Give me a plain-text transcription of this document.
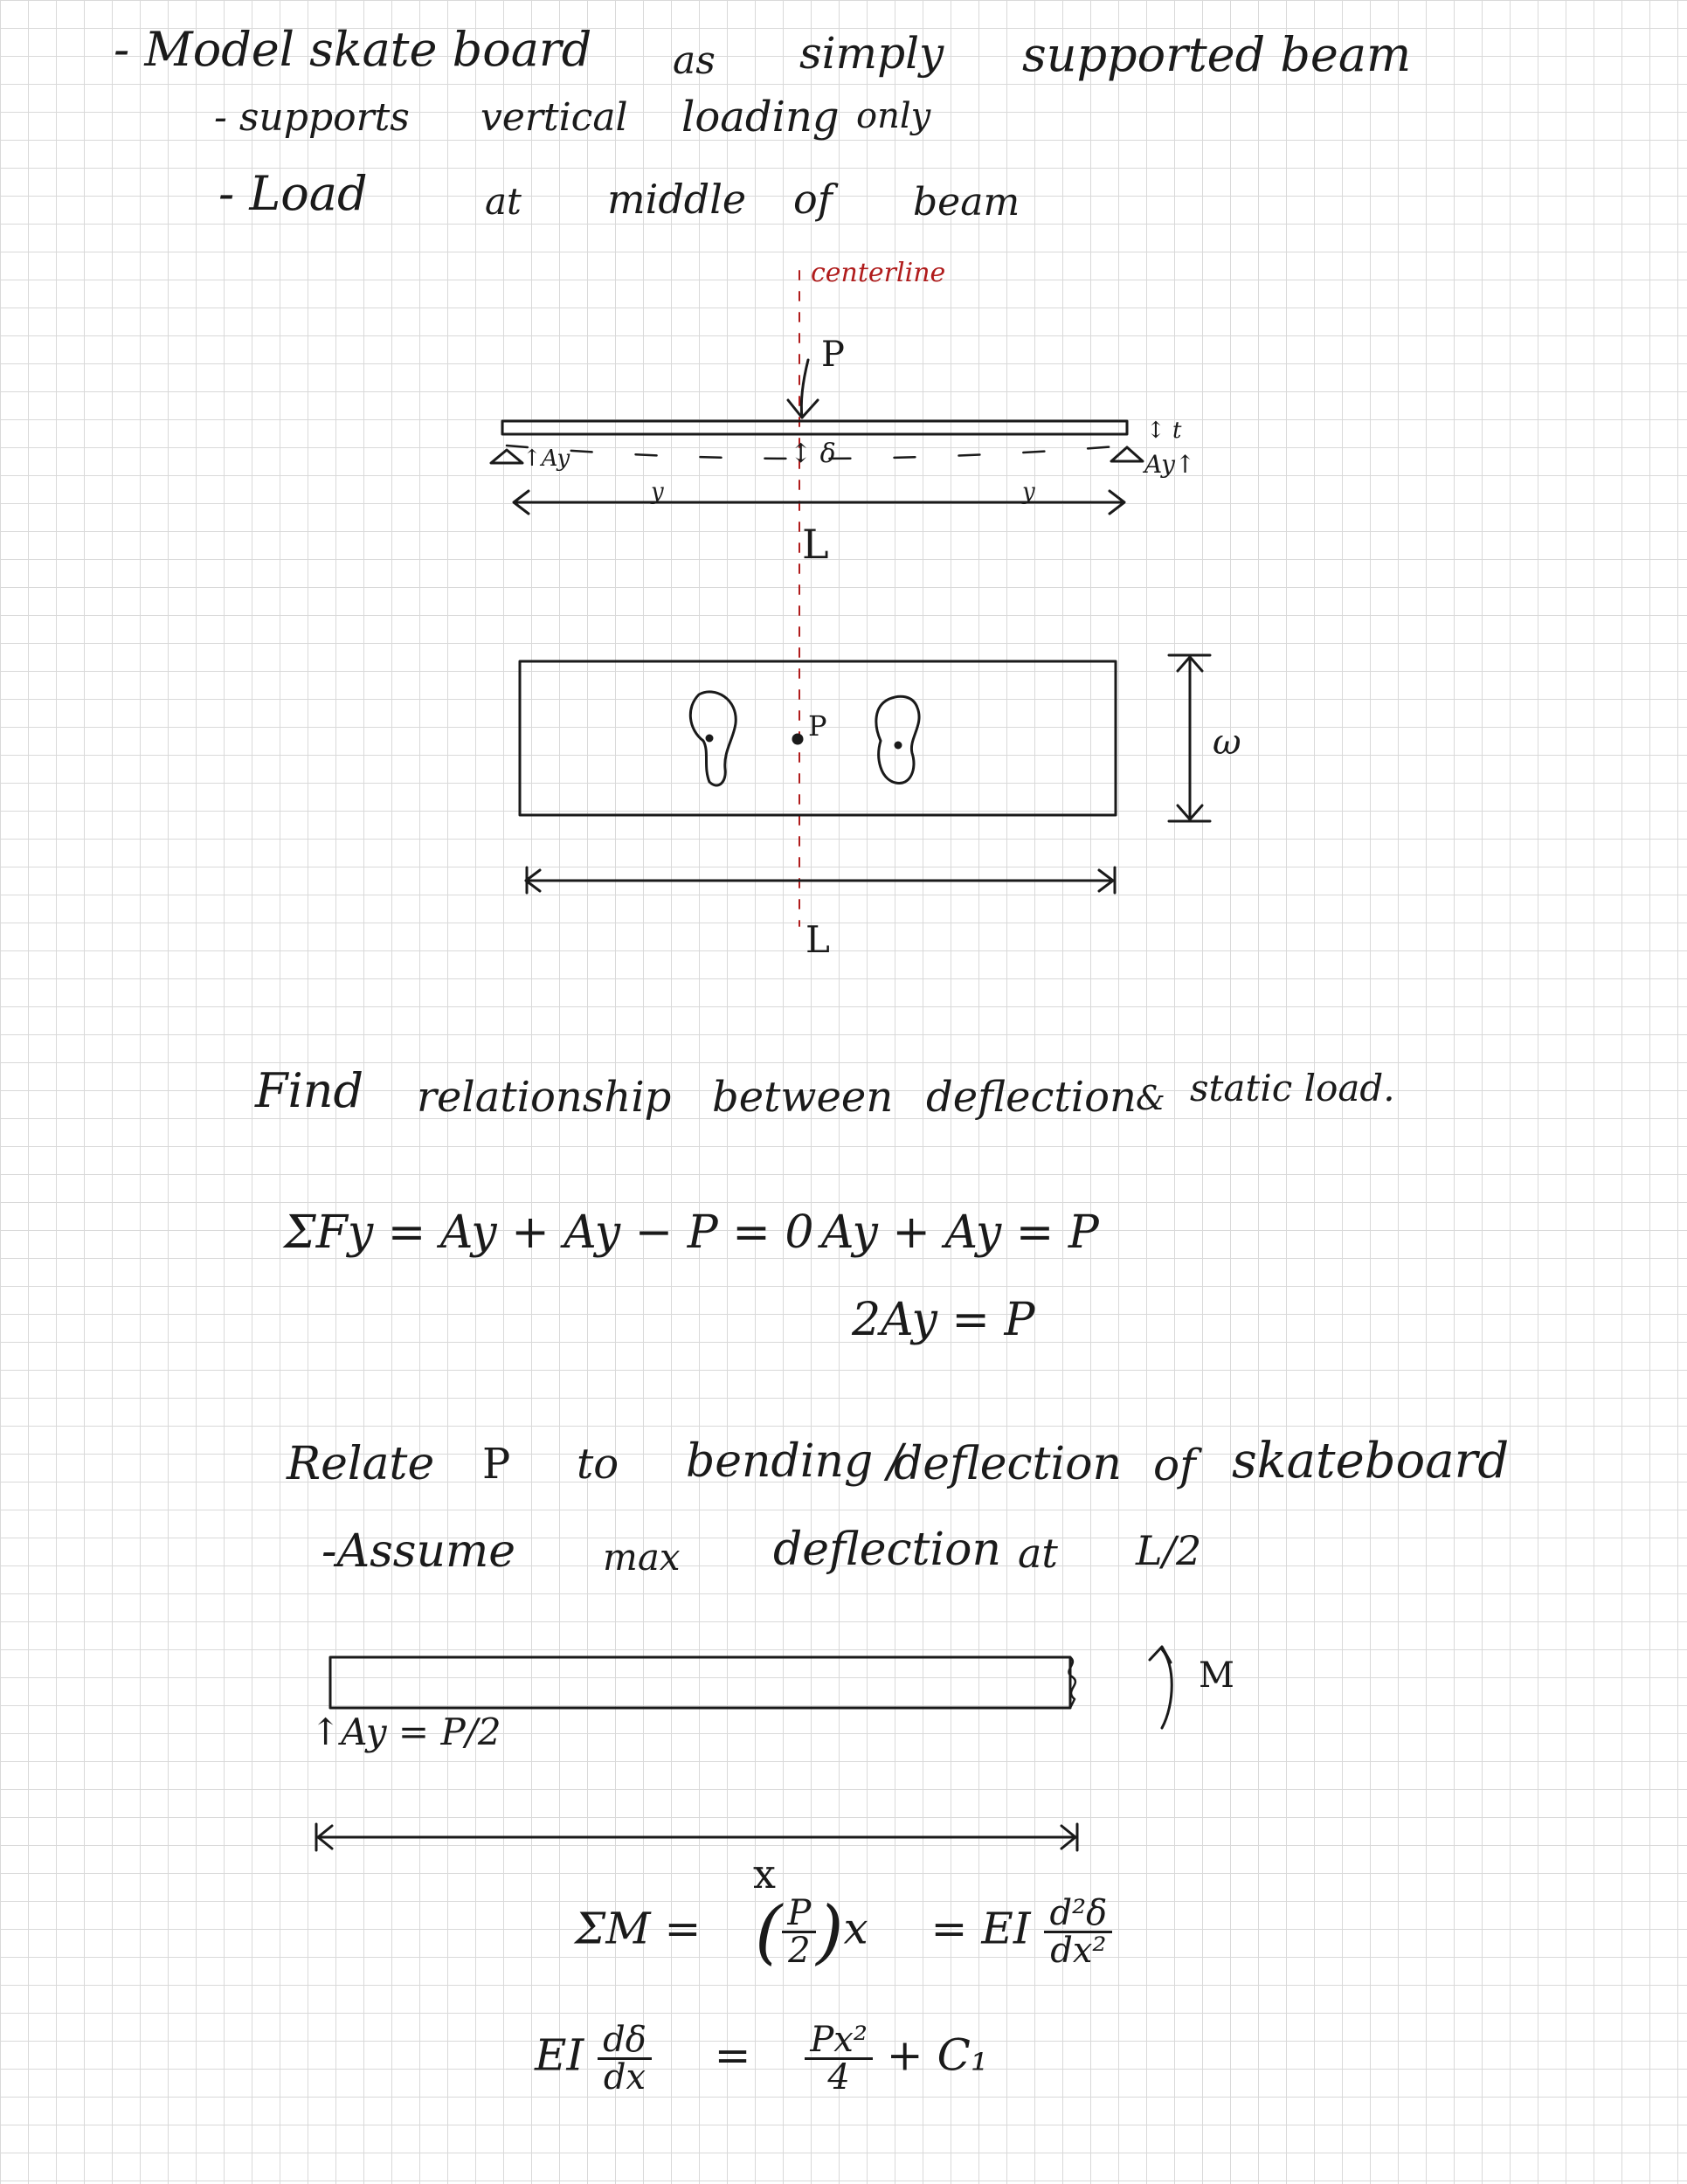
- Model skate board as simply supported beam
- supports vertical loading only
- Load	at middle of beam
centerline
P
↕ δ
↕ t
↑Ay	Ay↑
y	y
L
P	ω
L
Find relationship between deflection & static load.
ΣFy = Ay + Ay − P = 0 Ay + Ay = P
2Ay = P
Relate P to bending /
deflection of skateboard
-Assume max deflection at L/2
↑Ay = P/2
M
x
ΣM = ( $\frac{P}{2} )x$ = EI $\frac{\text{d²δ}}{\text{dx²}}$
EI $\frac{d\delta}{dx} = \frac{\text{Px²}}{4} + C_1$
